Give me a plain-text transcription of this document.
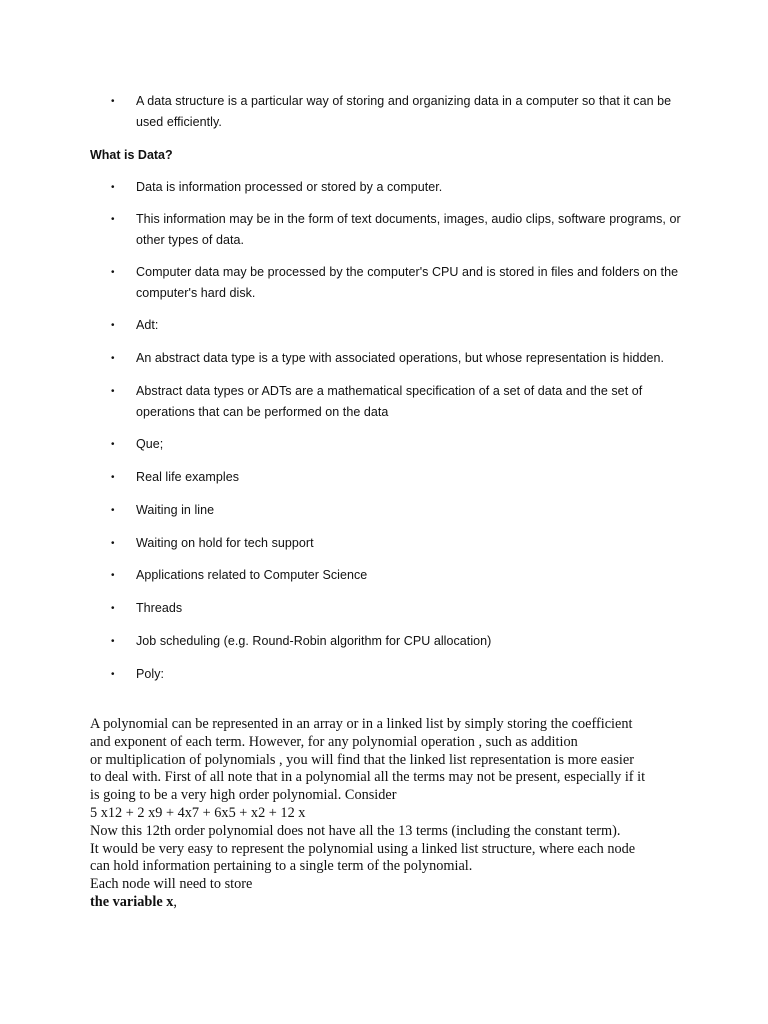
•	A data structure is a particular way of storing and organizing data in a computer so that it can be used efficiently.
What is Data?
•	Data is information processed or stored by a computer.
•	This information may be in the form of text documents, images, audio clips, software programs, or other types of data.
•	Computer data may be processed by the computer's CPU and is stored in files and folders on the computer's hard disk.
•	Adt:
•	An abstract data type is a type with associated operations, but whose representation is hidden.
•	Abstract data types or ADTs are a mathematical specification of a set of data and the set of operations that can be performed on the data
•	Que;
•	Real life examples
•	Waiting in line
•	Waiting on hold for tech support
•	Applications related to Computer Science
•	Threads
•	Job scheduling (e.g. Round-Robin algorithm for CPU allocation)
•	Poly:
A polynomial can be represented in an array or in a linked list by simply storing the coefficient
and exponent of each term. However, for any polynomial operation , such as addition
or multiplication of polynomials , you will find that the linked list representation is more easier
to deal with. First of all note that in a polynomial all the terms may not be present, especially if it
is going to be a very high order polynomial. Consider
5 x12 + 2 x9 + 4x7 + 6x5 + x2 + 12 x
Now this 12th order polynomial does not have all the 13 terms (including the constant term).
It would be very easy to represent the polynomial using a linked list structure, where each node
can hold information pertaining to a single term of the polynomial.
Each node will need to store
the variable x,
